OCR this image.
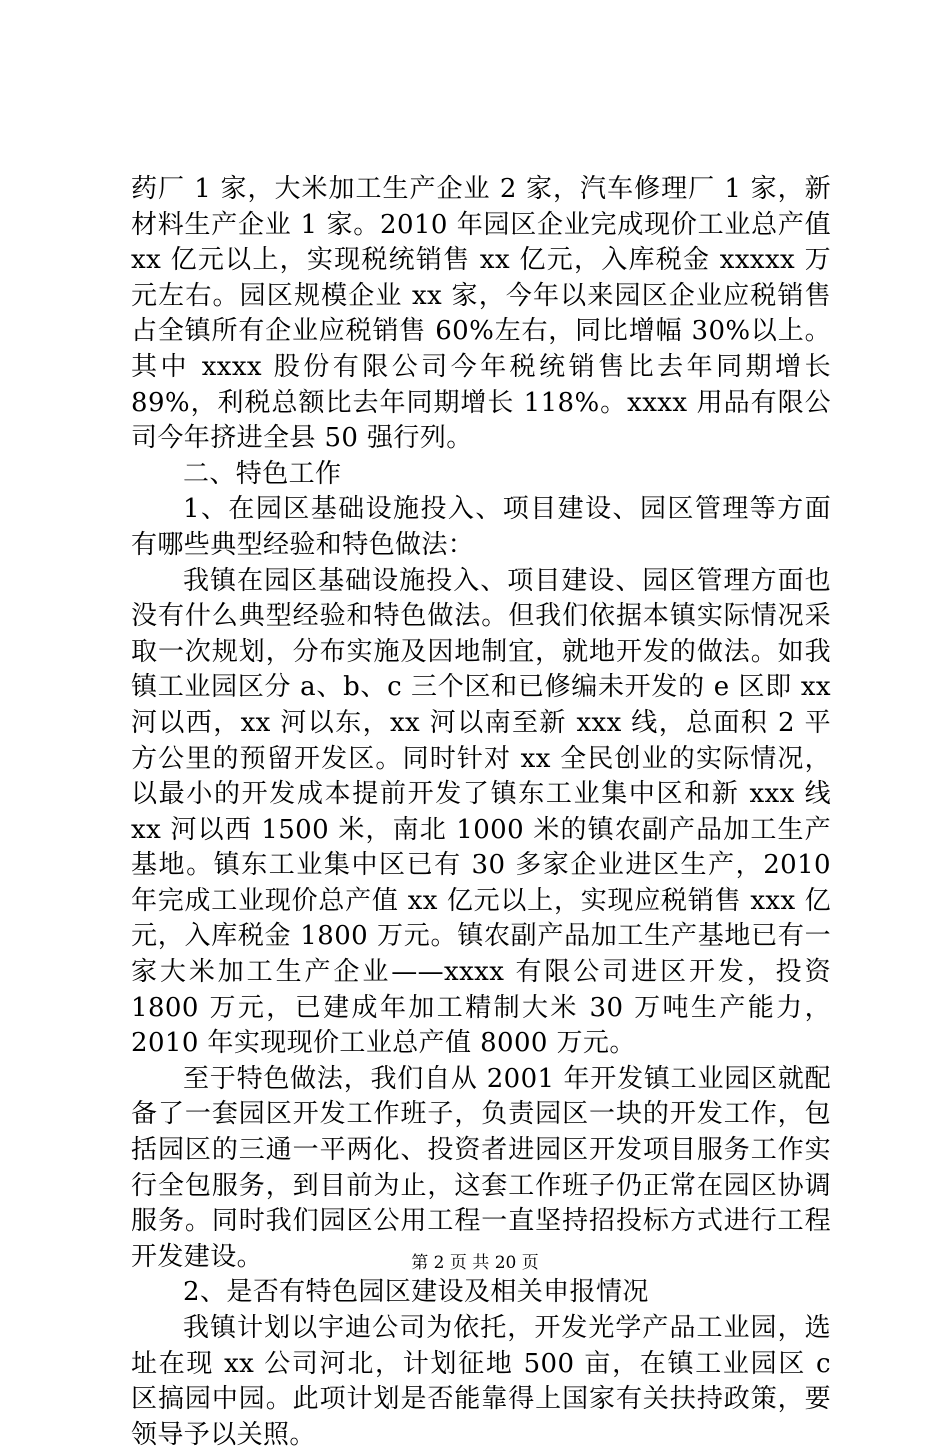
药厂 1 家，大米加工生产企业 2 家，汽车修理厂 1 家，新材料生产企业 1 家。2010 年园区企业完成现价工业总产值 xx 亿元以上，实现税统销售 xx 亿元，入库税金 xxxxx 万元左右。园区规模企业 xx 家，今年以来园区企业应税销售占全镇所有企业应税销售 60%左右，同比增幅 30%以上。其中 xxxx 股份有限公司今年税统销售比去年同期增长 89%，利税总额比去年同期增长 118%。xxxx 用品有限公司今年挤进全县 50 强行列。

二、特色工作

1、在园区基础设施投入、项目建设、园区管理等方面有哪些典型经验和特色做法：

我镇在园区基础设施投入、项目建设、园区管理方面也没有什么典型经验和特色做法。但我们依据本镇实际情况采取一次规划，分布实施及因地制宜，就地开发的做法。如我镇工业园区分 a、b、c 三个区和已修编未开发的 e 区即 xx 河以西，xx 河以东，xx 河以南至新 xxx 线，总面积 2 平方公里的预留开发区。同时针对 xx 全民创业的实际情况，以最小的开发成本提前开发了镇东工业集中区和新 xxx 线 xx 河以西 1500 米，南北 1000 米的镇农副产品加工生产基地。镇东工业集中区已有 30 多家企业进区生产，2010 年完成工业现价总产值 xx 亿元以上，实现应税销售 xxx 亿元，入库税金 1800 万元。镇农副产品加工生产基地已有一家大米加工生产企业——xxxx 有限公司进区开发，投资 1800 万元，已建成年加工精制大米 30 万吨生产能力，2010 年实现现价工业总产值 8000 万元。

至于特色做法，我们自从 2001 年开发镇工业园区就配备了一套园区开发工作班子，负责园区一块的开发工作，包括园区的三通一平两化、投资者进园区开发项目服务工作实行全包服务，到目前为止，这套工作班子仍正常在园区协调服务。同时我们园区公用工程一直坚持招投标方式进行工程开发建设。

2、是否有特色园区建设及相关申报情况

我镇计划以宇迪公司为依托，开发光学产品工业园，选址在现 xx 公司河北，计划征地 500 亩，在镇工业园区 c 区搞园中园。此项计划是否能靠得上国家有关扶持政策，要领导予以关照。

第 2 页 共 20 页
